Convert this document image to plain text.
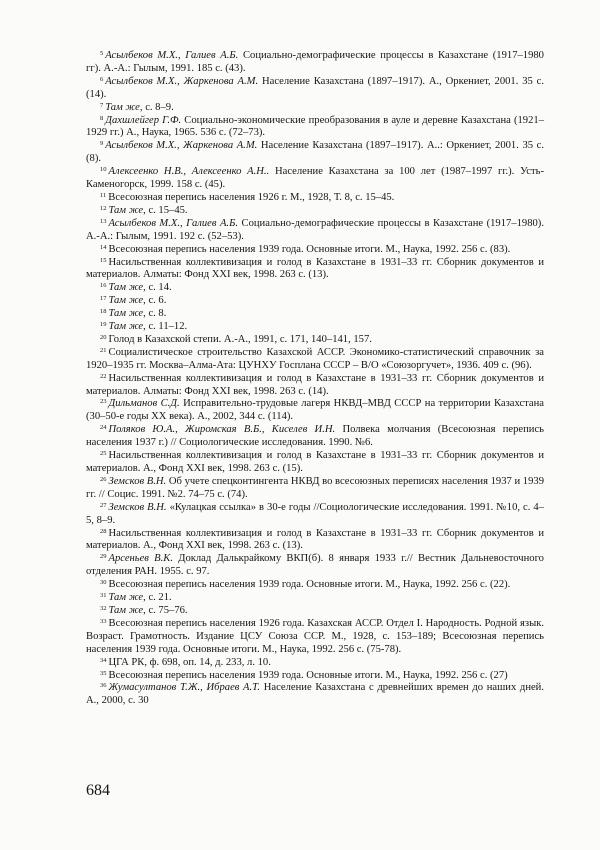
$^5$ Асылбеков М.Х., Галиев А.Б. Социально-демографические процессы в Казахстане (1917–1980 гг). А.-А.: Гылым, 1991. 185 с. (43).

$^6$ Асылбеков М.Х., Жаркенова А.М. Население Казахстана (1897–1917). А., Оркениет, 2001. 35 с. (14).

$^7$ Там же, с. 8–9.

$^8$ Дахшлейгер Г.Ф. Социально-экономические преобразования в ауле и деревне Казахстана (1921–1929 гг.) А., Наука, 1965. 536 с. (72–73).

$^9$ Асылбеков М.Х., Жаркенова А.М. Население Казахстана (1897–1917). А..: Оркениет, 2001. 35 с. (8).

$^{10}$ Алексеенко Н.В., Алексеенко А.Н.. Население Казахстана за 100 лет (1987–1997 гг.). Усть-Каменогорск, 1999. 158 с. (45).

$^{11}$ Всесоюзная перепись населения 1926 г. М., 1928, Т. 8, с. 15–45.

$^{12}$ Там же, с. 15–45.

$^{13}$ Асылбеков М.Х., Галиев А.Б. Социально-демографические процессы в Казахстане (1917–1980). А.-А.: Гылым, 1991. 192 с. (52–53).

$^{14}$ Всесоюзная перепись населения 1939 года. Основные итоги. М., Наука, 1992. 256 с. (83).

$^{15}$ Насильственная коллективизация и голод в Казахстане в 1931–33 гг. Сборник документов и материалов. Алматы: Фонд XXI век, 1998. 263 с. (13).

$^{16}$ Там же, с. 14.

$^{17}$ Там же, с. 6.

$^{18}$ Там же, с. 8.

$^{19}$ Там же, с. 11–12.

$^{20}$ Голод в Казахской степи. А.-А., 1991, с. 171, 140–141, 157.

$^{21}$ Социалистическое строительство Казахской АССР. Экономико-статистический справочник за 1920–1935 гг. Москва–Алма-Ата: ЦУНХУ Госплана СССР – В/О «Союзоргучет», 1936. 409 с. (96).

$^{22}$ Насильственная коллективизация и голод в Казахстане в 1931–33 гг. Сборник документов и материалов. Алматы: Фонд XXI век, 1998. 263 с. (14).

$^{23}$ Дильманов С.Д. Исправительно-трудовые лагеря НКВД–МВД СССР на территории Казахстана (30–50-е годы XX века). А., 2002, 344 с. (114).

$^{24}$ Поляков Ю.А., Жиромская В.Б., Киселев И.Н. Полвека молчания (Всесоюзная перепись населения 1937 г.) // Социологические исследования. 1990. №6.

$^{25}$ Насильственная коллективизация и голод в Казахстане в 1931–33 гг. Сборник документов и материалов. А., Фонд XXI век, 1998. 263 с. (15).

$^{26}$ Земсков В.Н. Об учете спецконтингента НКВД во всесоюзных переписях населения 1937 и 1939 гг. // Социс. 1991. №2. 74–75 с. (74).

$^{27}$ Земсков В.Н. «Кулацкая ссылка» в 30-е годы //Социологические исследования. 1991. №10, с. 4–5, 8–9.

$^{28}$ Насильственная коллективизация и голод в Казахстане в 1931–33 гг. Сборник документов и материалов. А., Фонд XXI век, 1998. 263 с. (13).

$^{29}$ Арсеньев В.К. Доклад Далькрайкому ВКП(б). 8 января 1933 г.// Вестник Дальневосточного отделения РАН. 1955. с. 97.

$^{30}$ Всесоюзная перепись населения 1939 года. Основные итоги. М., Наука, 1992. 256 с. (22).

$^{31}$ Там же, с. 21.

$^{32}$ Там же, с. 75–76.

$^{33}$ Всесоюзная перепись населения 1926 года. Казахская АССР. Отдел I. Народность. Родной язык. Возраст. Грамотность. Издание ЦСУ Союза ССР. М., 1928, с. 153–189; Всесоюзная перепись населения 1939 года. Основные итоги. М., Наука, 1992. 256 с. (75-78).

$^{34}$ ЦГА РК, ф. 698, оп. 14, д. 233, л. 10.

$^{35}$ Всесоюзная перепись населения 1939 года. Основные итоги. М., Наука, 1992. 256 с. (27)

$^{36}$ Жумасултанов Т.Ж., Ибраев А.Т. Население Казахстана с древнейших времен до наших дней. А., 2000, с. 30

684
